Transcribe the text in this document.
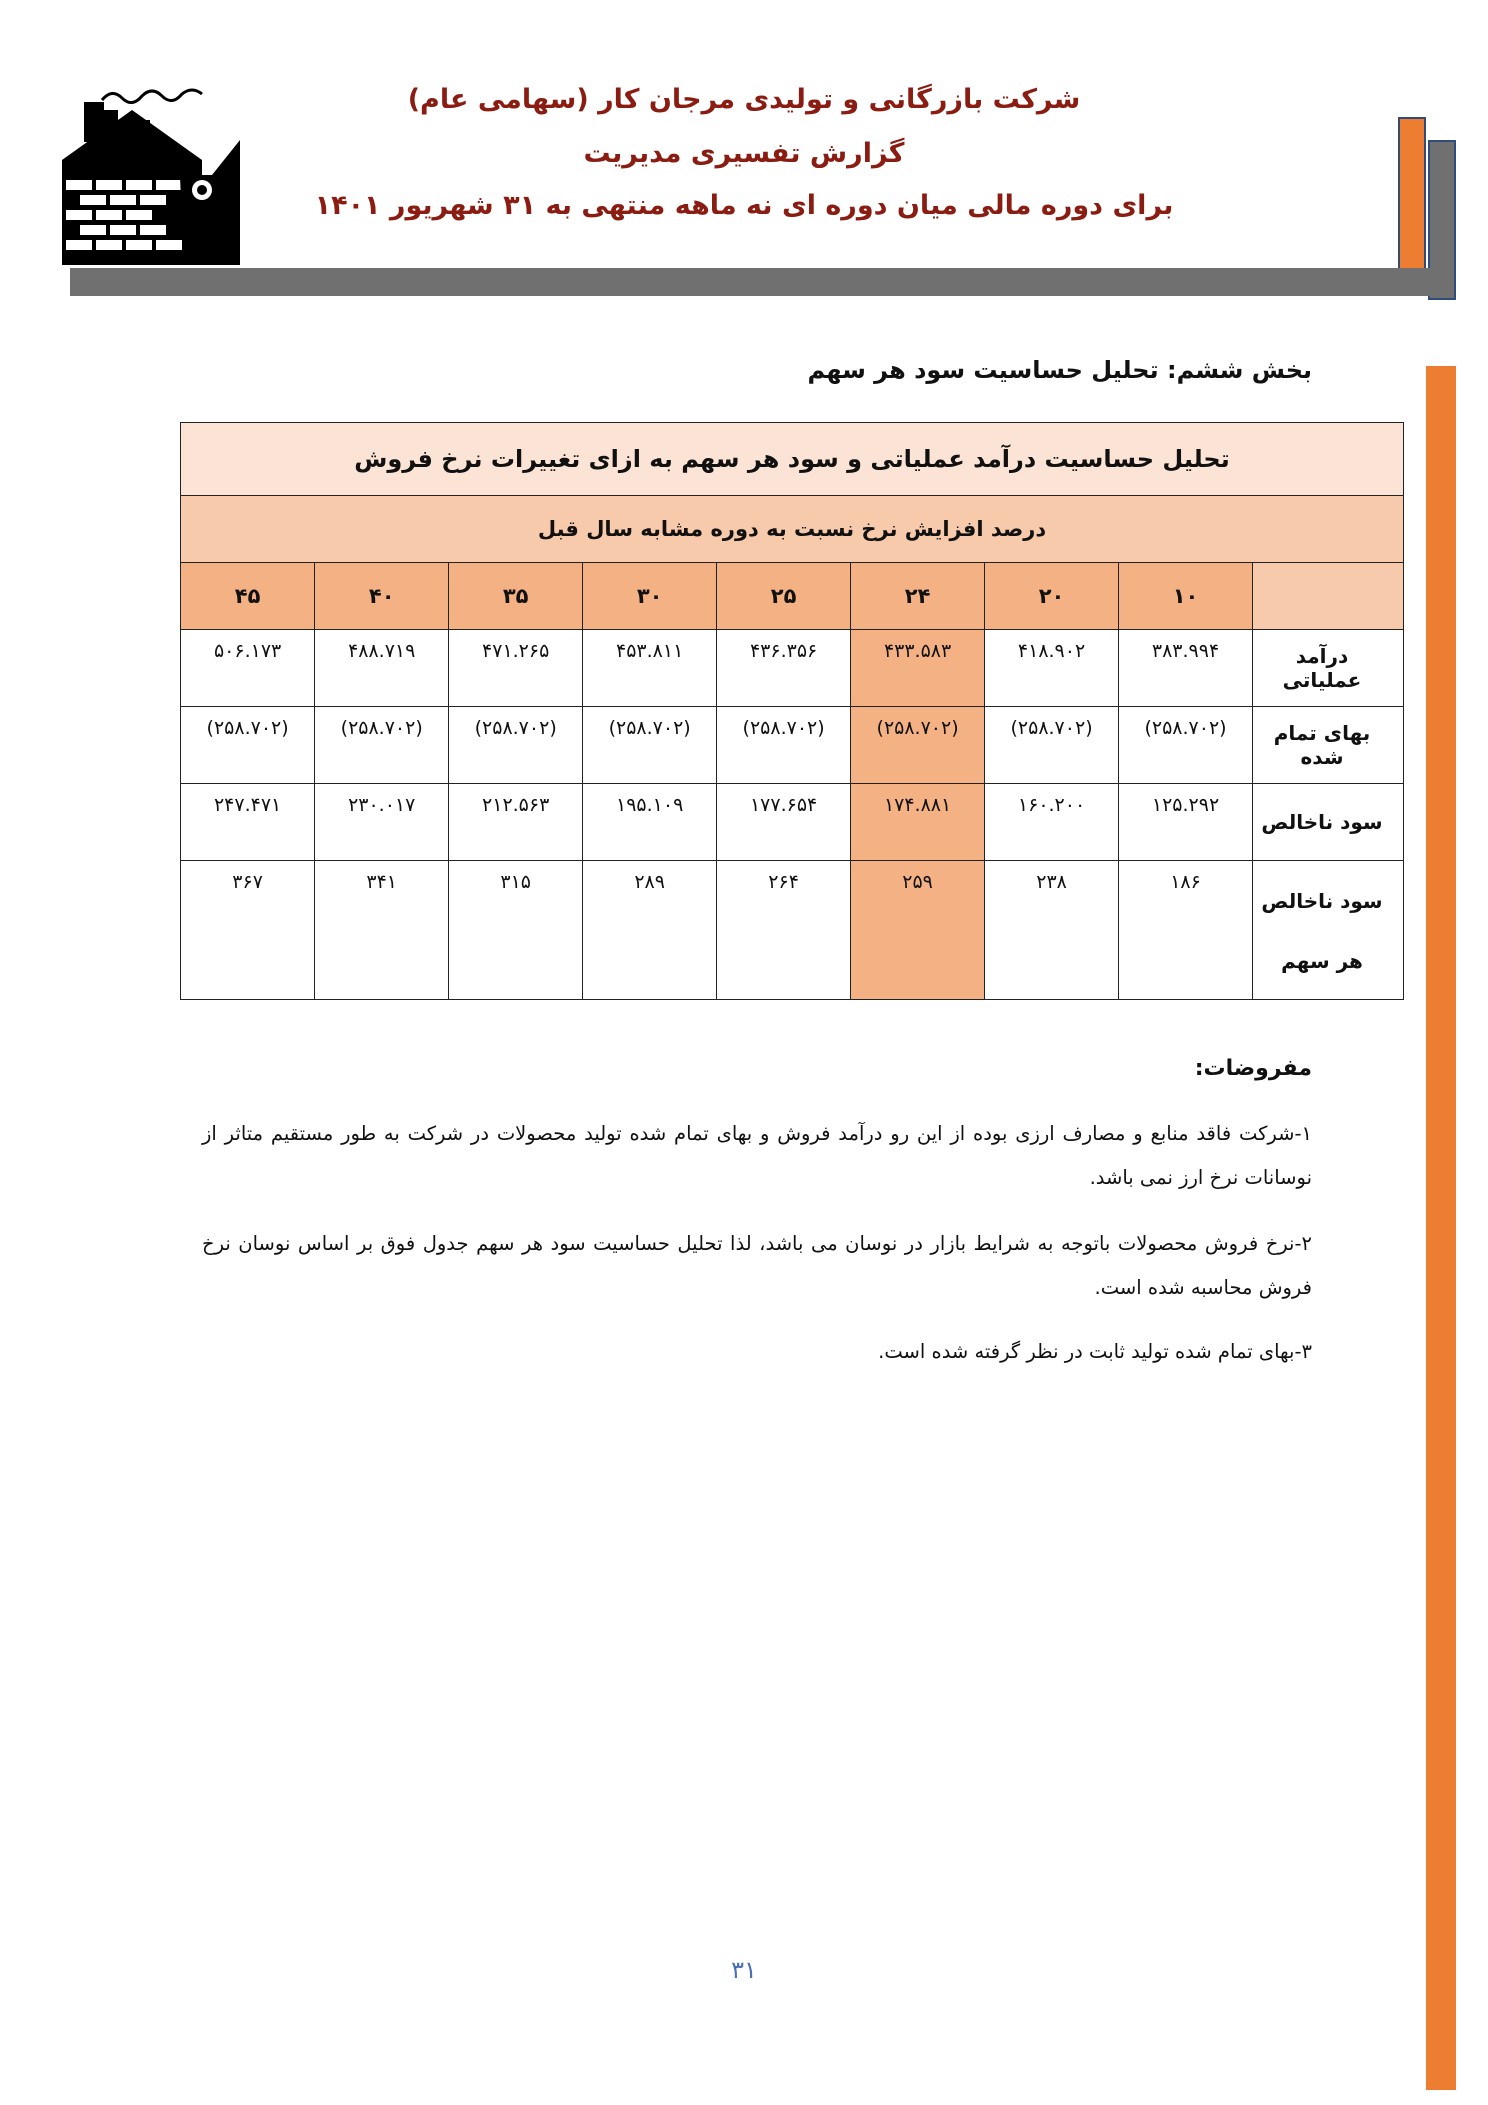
شرکت بازرگانی و تولیدی مرجان کار (سهامی عام)
گزارش تفسیری مدیریت
برای دوره مالی میان دوره ای نه ماهه منتهی به ۳۱ شهریور ۱۴۰۱
بخش ششم: تحلیل حساسیت سود هر سهم
تحلیل حساسیت درآمد عملیاتی و سود هر سهم به ازای تغییرات نرخ فروش								
درصد افزایش نرخ نسبت به دوره مشابه سال قبل								
	۱۰	۲۰	۲۴	۲۵	۳۰	۳۵	۴۰	۴۵
درآمد عملیاتی	۳۸۳.۹۹۴	۴۱۸.۹۰۲	۴۳۳.۵۸۳	۴۳۶.۳۵۶	۴۵۳.۸۱۱	۴۷۱.۲۶۵	۴۸۸.۷۱۹	۵۰۶.۱۷۳
بهای تمام شده	(۲۵۸.۷۰۲)	(۲۵۸.۷۰۲)	(۲۵۸.۷۰۲)	(۲۵۸.۷۰۲)	(۲۵۸.۷۰۲)	(۲۵۸.۷۰۲)	(۲۵۸.۷۰۲)	(۲۵۸.۷۰۲)
سود ناخالص	۱۲۵.۲۹۲	۱۶۰.۲۰۰	۱۷۴.۸۸۱	۱۷۷.۶۵۴	۱۹۵.۱۰۹	۲۱۲.۵۶۳	۲۳۰.۰۱۷	۲۴۷.۴۷۱
سود ناخالص هر سهم	۱۸۶	۲۳۸	۲۵۹	۲۶۴	۲۸۹	۳۱۵	۳۴۱	۳۶۷
مفروضات:
۱-شرکت فاقد منابع و مصارف ارزی بوده از این رو درآمد فروش و بهای تمام شده تولید محصولات در شرکت به طور مستقیم متاثر از نوسانات نرخ ارز نمی باشد.
۲-نرخ فروش محصولات باتوجه به شرایط بازار در نوسان می باشد، لذا تحلیل حساسیت سود هر سهم جدول فوق بر اساس نوسان نرخ فروش محاسبه شده است.
۳-بهای تمام شده تولید ثابت در نظر گرفته شده است.
۳۱
